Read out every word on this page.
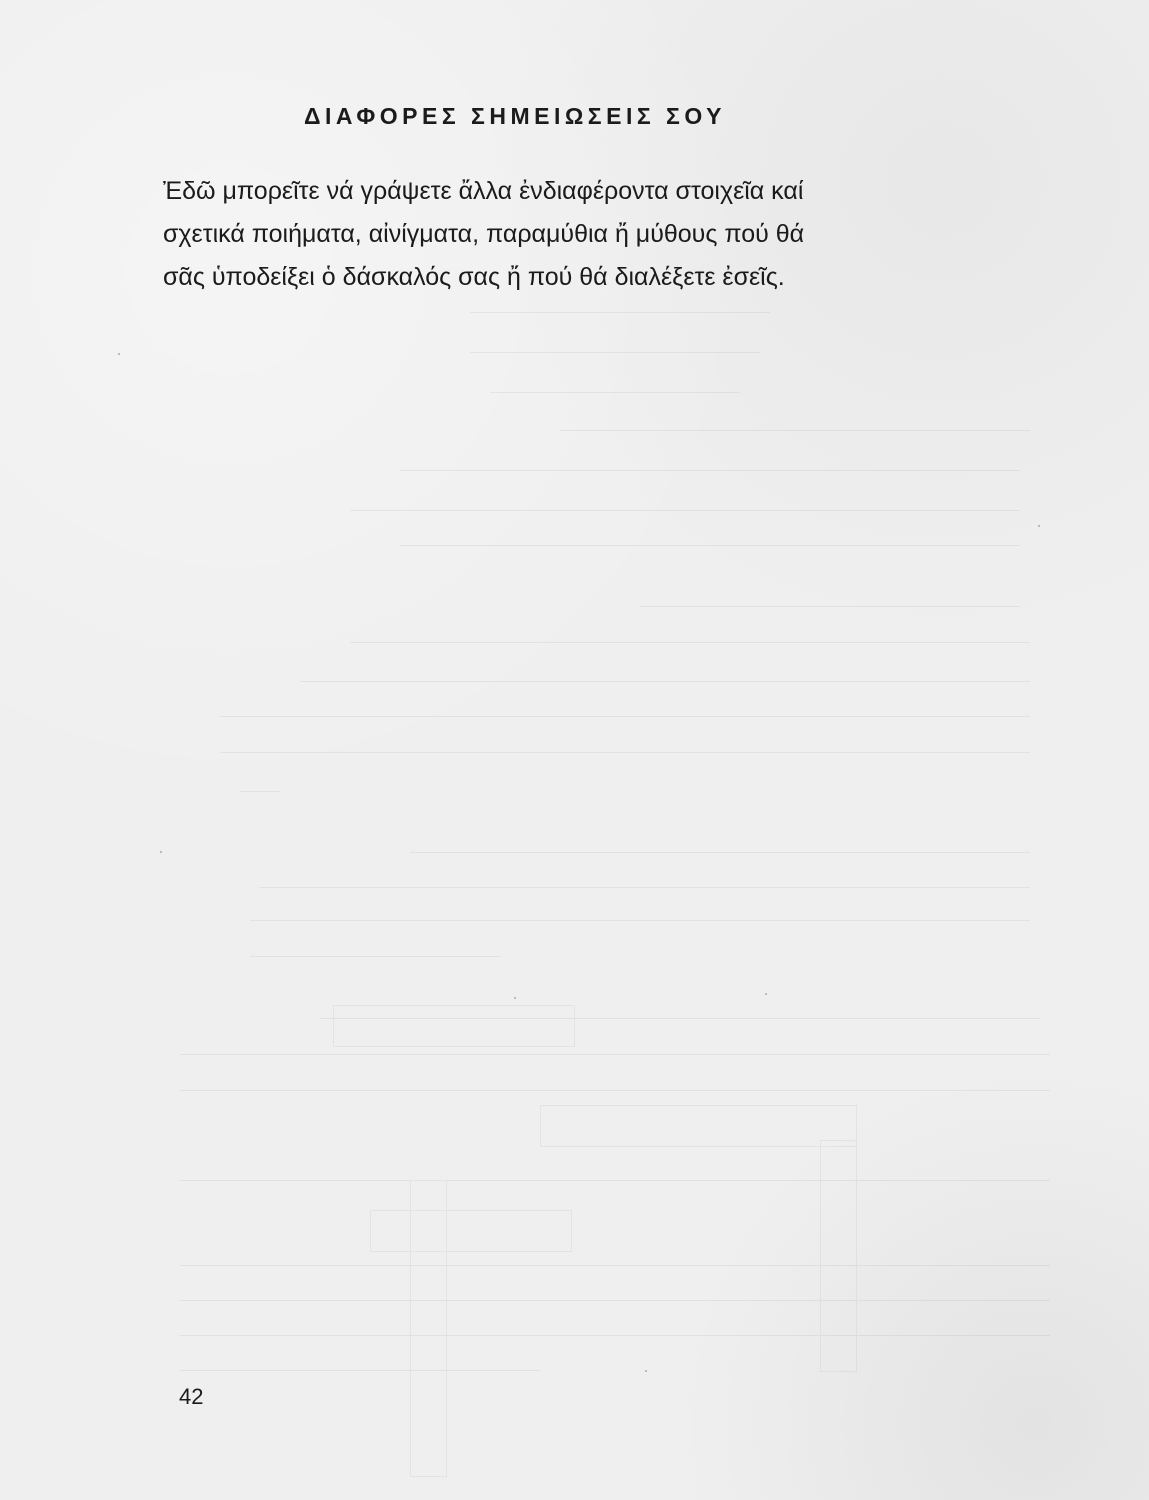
ΔΙΑΦΟΡΕΣ ΣΗΜΕΙΩΣΕΙΣ ΣΟΥ
Ἐδῶ μπορεῖτε νά γράψετε ἄλλα ἐνδιαφέροντα στοιχεῖα καί
σχετικά ποιήματα, αἰνίγματα, παραμύθια ἤ μύθους πού θά
σᾶς ὑποδείξει ὁ δάσκαλός σας ἤ πού θά διαλέξετε ἐσεῖς.
42
